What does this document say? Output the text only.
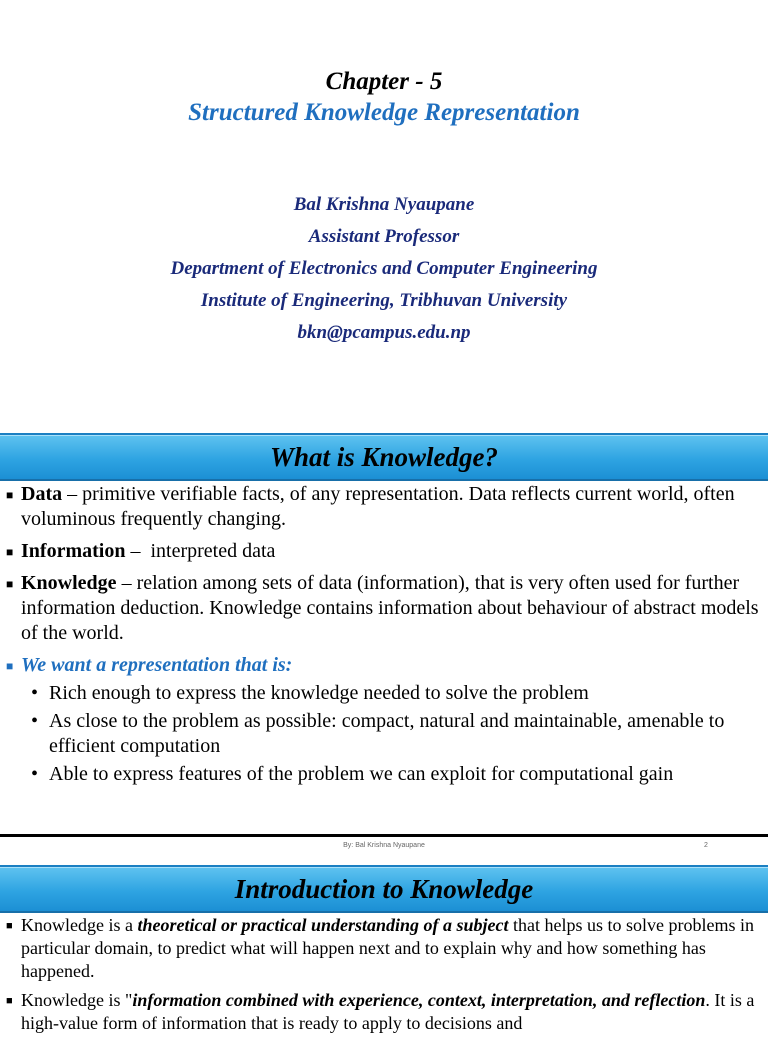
Chapter - 5
Structured Knowledge Representation
Bal Krishna Nyaupane
Assistant Professor
Department of Electronics and Computer Engineering
Institute of Engineering, Tribhuvan University
bkn@pcampus.edu.np
What is Knowledge?
■ Data – primitive verifiable facts, of any representation. Data reflects current world, often voluminous frequently changing.
■ Information –  interpreted data
■ Knowledge – relation among sets of data (information), that is very often used for further information deduction. Knowledge contains information about behaviour of abstract models of the world.
■ We want a representation that is:
• Rich enough to express the knowledge needed to solve the problem
• As close to the problem as possible: compact, natural and maintainable, amenable to efficient computation
• Able to express features of the problem we can exploit for computational gain
By: Bal Krishna Nyaupane	2
Introduction to Knowledge
■ Knowledge is a theoretical or practical understanding of a subject that helps us to solve problems in particular domain, to predict what will happen next and to explain why and how something has happened.
■ Knowledge is "information combined with experience, context, interpretation, and reflection. It is a high-value form of information that is ready to apply to decisions and
